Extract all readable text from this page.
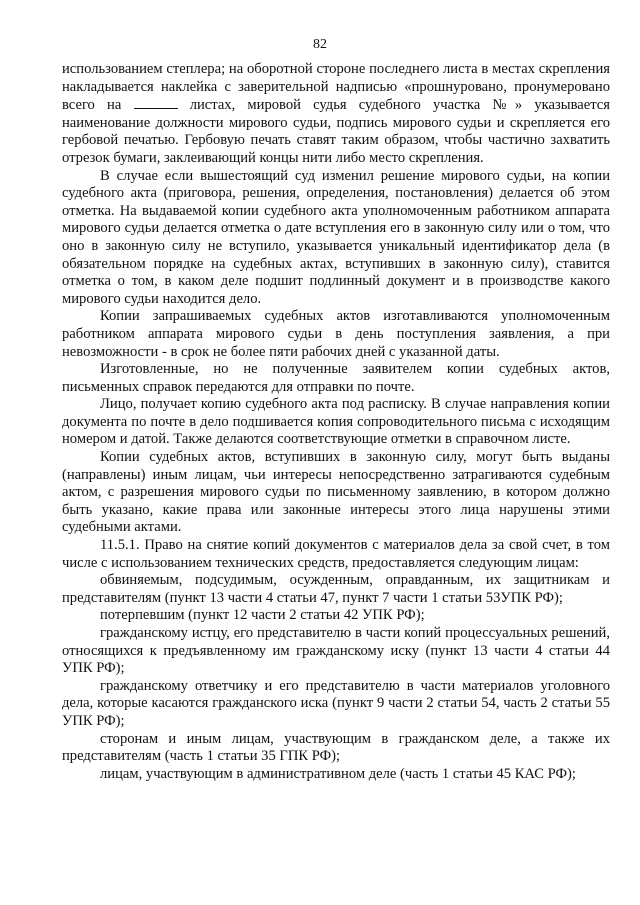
82

использованием степлера; на оборотной стороне последнего листа в местах скрепления накладывается наклейка с заверительной надписью «прошнуровано, пронумеровано всего на	листах, мировой судья судебного участка №» указывается наименование должности мирового судьи, подпись мирового судьи и скрепляется его гербовой печатью. Гербовую печать ставят таким образом, чтобы частично захватить отрезок бумаги, заклеивающий концы нити либо место скрепления.

В случае если вышестоящий суд изменил решение мирового судьи, на копии судебного акта (приговора, решения, определения, постановления) делается об этом отметка. На выдаваемой копии судебного акта уполномоченным работником аппарата мирового судьи делается отметка о дате вступления его в законную силу или о том, что оно в законную силу не вступило, указывается уникальный идентификатор дела (в обязательном порядке на судебных актах, вступивших в законную силу), ставится отметка о том, в каком деле подшит подлинный документ и в производстве какого мирового судьи находится дело.

Копии запрашиваемых судебных актов изготавливаются уполномоченным работником аппарата мирового судьи в день поступления заявления, а при невозможности - в срок не более пяти рабочих дней с указанной даты.

Изготовленные, но не полученные заявителем копии судебных актов, письменных справок передаются для отправки по почте.

Лицо, получает копию судебного акта под расписку. В случае направления копии документа по почте в дело подшивается копия сопроводительного письма с исходящим номером и датой. Также делаются соответствующие отметки в справочном листе.

Копии судебных актов, вступивших в законную силу, могут быть выданы (направлены) иным лицам, чьи интересы непосредственно затрагиваются судебным актом, с разрешения мирового судьи по письменному заявлению, в котором должно быть указано, какие права или законные интересы этого лица нарушены этими судебными актами.

11.5.1. Право на снятие копий документов с материалов дела за свой счет, в том числе с использованием технических средств, предоставляется следующим лицам:

обвиняемым, подсудимым, осужденным, оправданным, их защитникам и представителям (пункт 13 части 4 статьи 47, пункт 7 части 1 статьи 53УПК РФ);

потерпевшим (пункт 12 части 2 статьи 42 УПК РФ);

гражданскому истцу, его представителю в части копий процессуальных решений, относящихся к предъявленному им гражданскому иску (пункт 13 части 4 статьи 44 УПК РФ);

гражданскому ответчику и его представителю в части материалов уголовного дела, которые касаются гражданского иска (пункт 9 части 2 статьи 54, часть 2 статьи 55 УПК РФ);

сторонам и иным лицам, участвующим в гражданском деле, а также их представителям (часть 1 статьи 35 ГПК РФ);

лицам, участвующим в административном деле (часть 1 статьи 45 КАС РФ);
